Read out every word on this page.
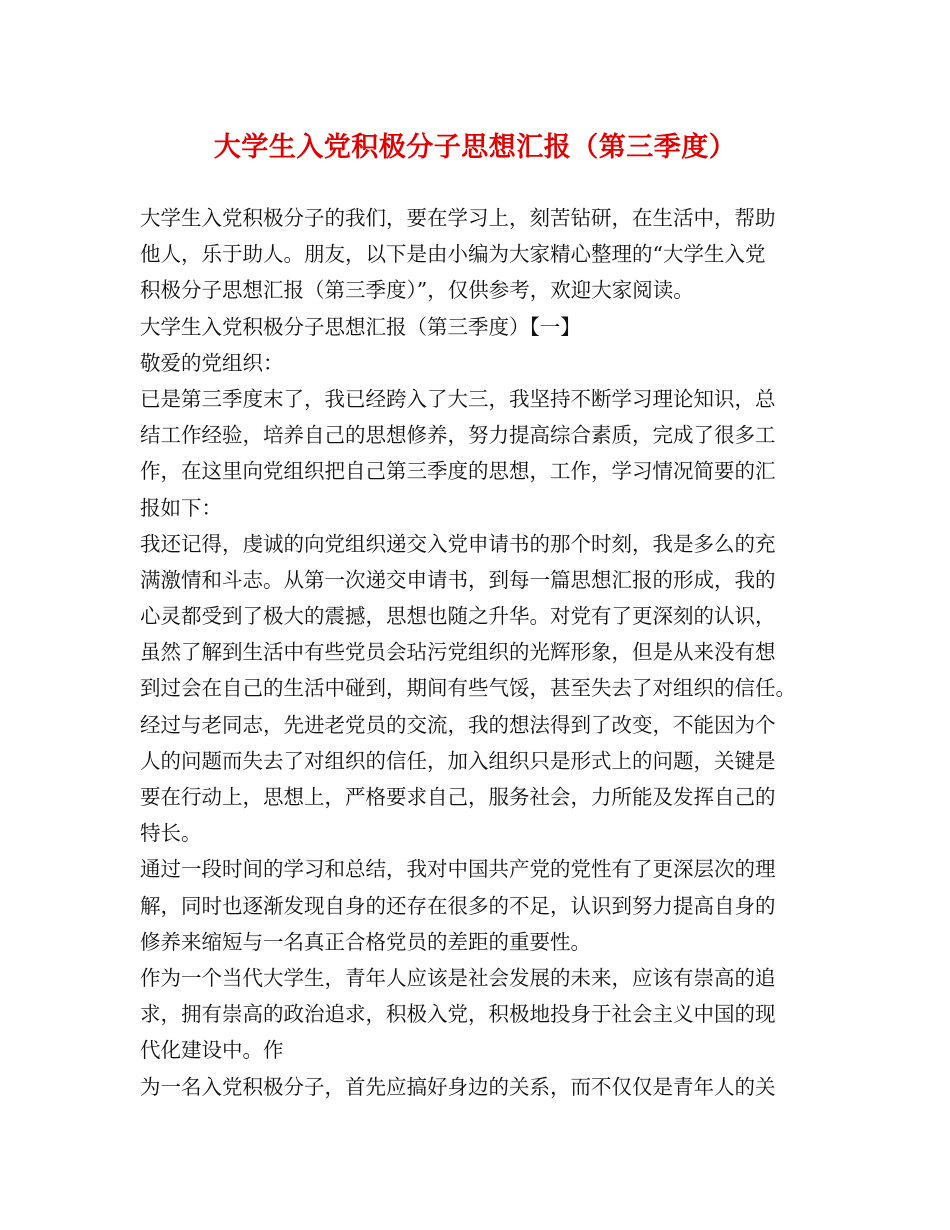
大学生入党积极分子思想汇报（第三季度）
大学生入党积极分子的我们，要在学习上，刻苦钻研，在生活中，帮助
他人，乐于助人。朋友，以下是由小编为大家精心整理的“大学生入党
积极分子思想汇报（第三季度）”，仅供参考，欢迎大家阅读。
大学生入党积极分子思想汇报（第三季度）【一】
敬爱的党组织：
已是第三季度末了，我已经跨入了大三，我坚持不断学习理论知识，总
结工作经验，培养自己的思想修养，努力提高综合素质，完成了很多工
作，在这里向党组织把自己第三季度的思想，工作，学习情况简要的汇
报如下：
我还记得，虔诚的向党组织递交入党申请书的那个时刻，我是多么的充
满激情和斗志。从第一次递交申请书，到每一篇思想汇报的形成，我的
心灵都受到了极大的震撼，思想也随之升华。对党有了更深刻的认识，
虽然了解到生活中有些党员会玷污党组织的光辉形象，但是从来没有想
到过会在自己的生活中碰到，期间有些气馁，甚至失去了对组织的信任。
经过与老同志，先进老党员的交流，我的想法得到了改变，不能因为个
人的问题而失去了对组织的信任，加入组织只是形式上的问题，关键是
要在行动上，思想上，严格要求自己，服务社会，力所能及发挥自己的
特长。
通过一段时间的学习和总结，我对中国共产党的党性有了更深层次的理
解，同时也逐渐发现自身的还存在很多的不足，认识到努力提高自身的
修养来缩短与一名真正合格党员的差距的重要性。
作为一个当代大学生，青年人应该是社会发展的未来，应该有崇高的追
求，拥有崇高的政治追求，积极入党，积极地投身于社会主义中国的现
代化建设中。作
为一名入党积极分子，首先应搞好身边的关系，而不仅仅是青年人的关
